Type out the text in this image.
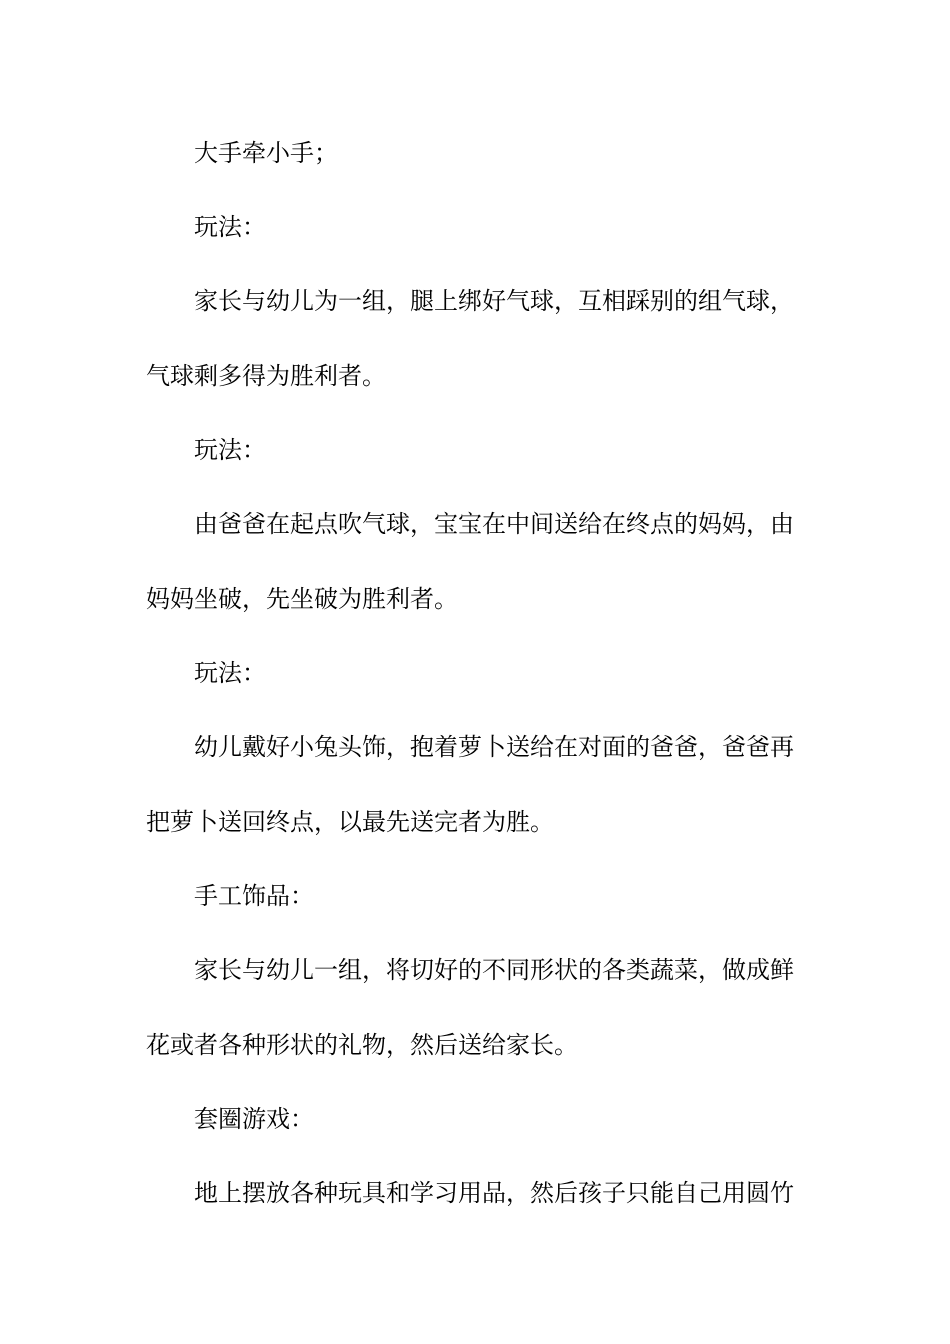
大手牵小手；
玩法：
家长与幼儿为一组，腿上绑好气球，互相踩别的组气球，
气球剩多得为胜利者。
玩法：
由爸爸在起点吹气球，宝宝在中间送给在终点的妈妈，由
妈妈坐破，先坐破为胜利者。
玩法：
幼儿戴好小兔头饰，抱着萝卜送给在对面的爸爸，爸爸再
把萝卜送回终点，以最先送完者为胜。
手工饰品：
家长与幼儿一组，将切好的不同形状的各类蔬菜，做成鲜
花或者各种形状的礼物，然后送给家长。
套圈游戏：
地上摆放各种玩具和学习用品，然后孩子只能自己用圆竹
